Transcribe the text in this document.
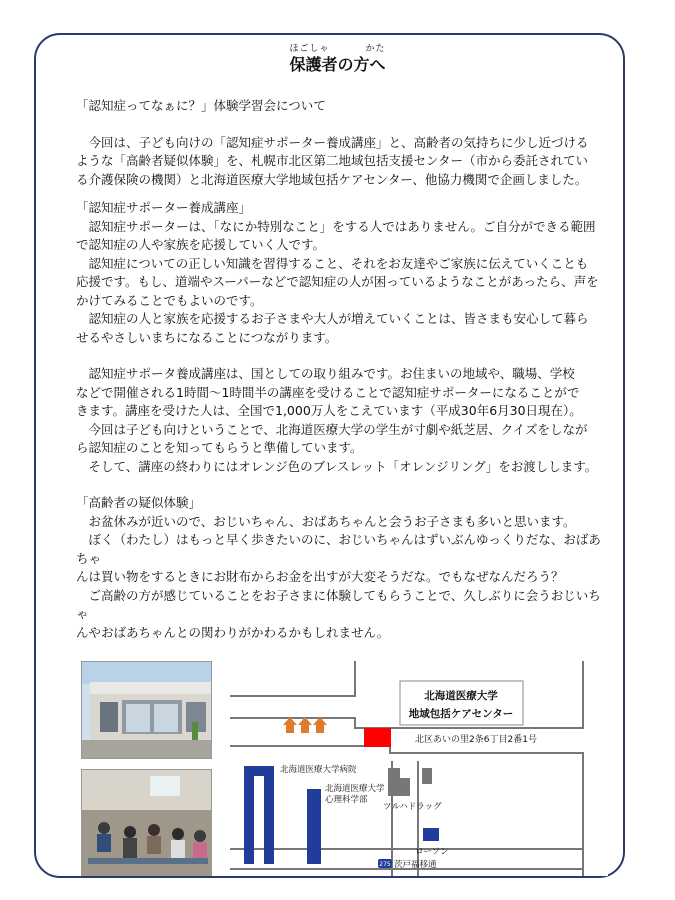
ほごしゃ	かた
保護者の方へ

「認知症ってなぁに？」体験学習会について

　今回は、子ども向けの「認知症サポーター養成講座」と、高齢者の気持ちに少し近づける

ような「高齢者疑似体験」を、札幌市北区第二地域包括支援センター（市から委託されてい

る介護保険の機関）と北海道医療大学地域包括ケアセンター、他協力機関で企画しました。

「認知症サポーター養成講座」

　認知症サポーターは、「なにか特別なこと」をする人ではありません。ご自分ができる範囲

で認知症の人や家族を応援していく人です。

　認知症についての正しい知識を習得すること、それをお友達やご家族に伝えていくことも

応援です。もし、道端やスーパーなどで認知症の人が困っているようなことがあったら、声を

かけてみることでもよいのです。

　認知症の人と家族を応援するお子さまや大人が増えていくことは、皆さまも安心して暮ら

せるやさしいまちになることにつながります。

　認知症サポータ養成講座は、国としての取り組みです。お住まいの地域や、職場、学校

などで開催される1時間～1時間半の講座を受けることで認知症サポーターになることがで

きます。講座を受けた人は、全国で1,000万人をこえています（平成30年6月30日現在）。

　今回は子ども向けということで、北海道医療大学の学生が寸劇や紙芝居、クイズをしなが

ら認知症のことを知ってもらうと準備しています。

　そして、講座の終わりにはオレンジ色のブレスレット「オレンジリング」をお渡しします。

「高齢者の疑似体験」

　お盆休みが近いので、おじいちゃん、おばあちゃんと会うお子さまも多いと思います。

　ぼく（わたし）はもっと早く歩きたいのに、おじいちゃんはずいぶんゆっくりだな、おばあちゃ

んは買い物をするときにお財布からお金を出すが大変そうだな。でもなぜなんだろう？

　ご高齢の方が感じていることをお子さまに体験してもらうことで、久しぶりに会うおじいちゃ

んやおばあちゃんとの関わりがかわるかもしれません。

北海道医療大学
地域包括ケアセンター
北区あいの里2条6丁目2番1号
北海道医療大学病院
北海道医療大学
心理科学部
ツルハドラッグ
ローソン
275 茨戸福移通
